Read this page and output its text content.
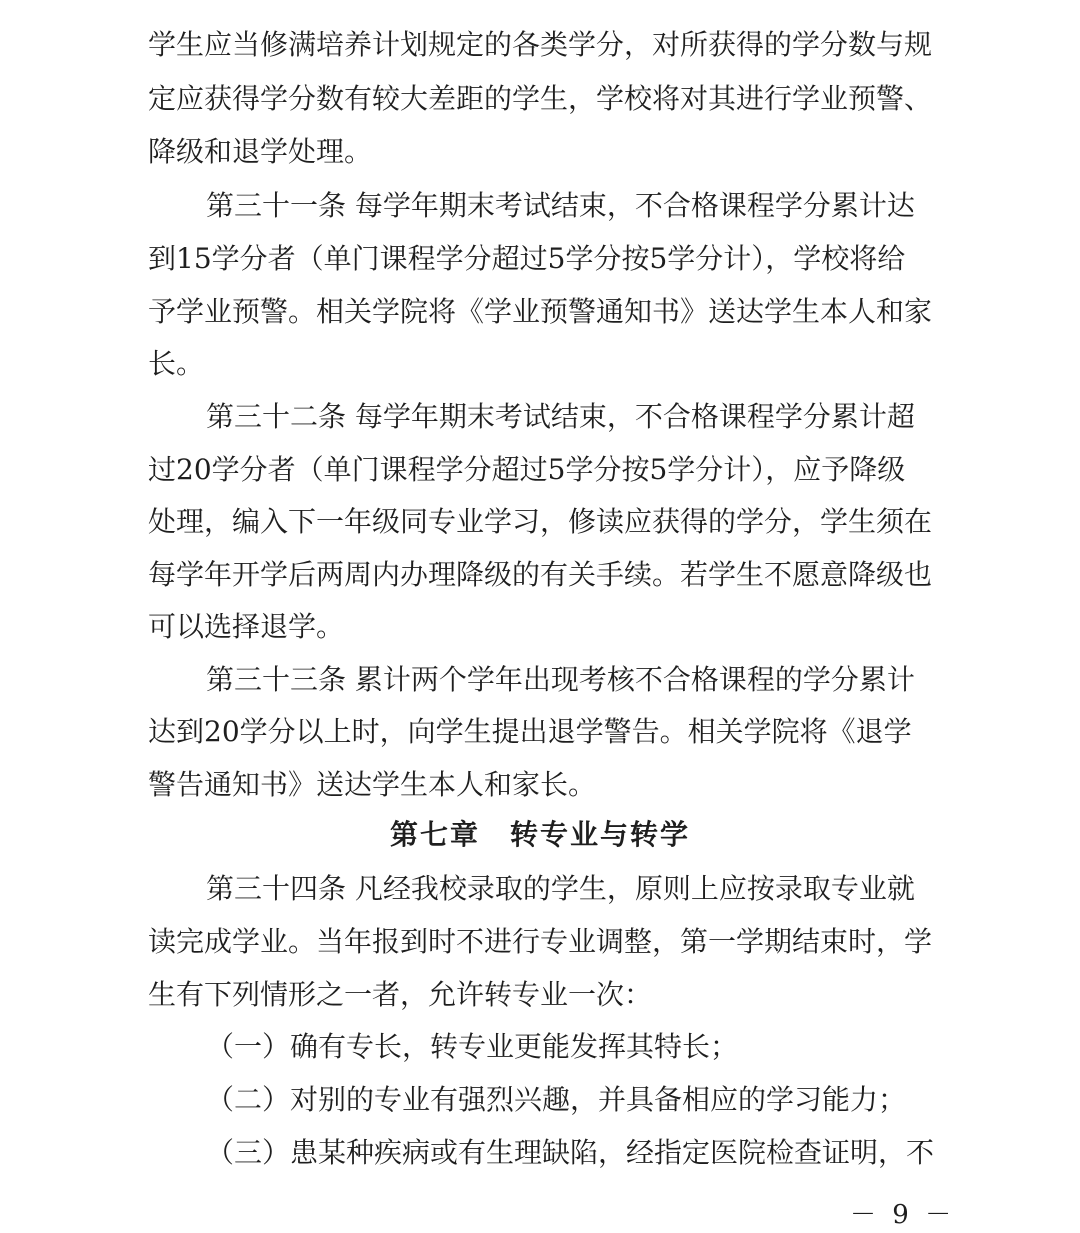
学生应当修满培养计划规定的各类学分，对所获得的学分数与规
定应获得学分数有较大差距的学生，学校将对其进行学业预警、
降级和退学处理。
第三十一条 每学年期末考试结束，不合格课程学分累计达
到15学分者（单门课程学分超过5学分按5学分计），学校将给
予学业预警。相关学院将《学业预警通知书》送达学生本人和家
长。
第三十二条 每学年期末考试结束，不合格课程学分累计超
过20学分者（单门课程学分超过5学分按5学分计），应予降级
处理，编入下一年级同专业学习，修读应获得的学分，学生须在
每学年开学后两周内办理降级的有关手续。若学生不愿意降级也
可以选择退学。
第三十三条 累计两个学年出现考核不合格课程的学分累计
达到20学分以上时，向学生提出退学警告。相关学院将《退学
警告通知书》送达学生本人和家长。
第七章　转专业与转学
第三十四条 凡经我校录取的学生，原则上应按录取专业就
读完成学业。当年报到时不进行专业调整，第一学期结束时，学
生有下列情形之一者，允许转专业一次：
（一）确有专长，转专业更能发挥其特长；
（二）对别的专业有强烈兴趣，并具备相应的学习能力；
（三）患某种疾病或有生理缺陷，经指定医院检查证明，不
－ 9 －
